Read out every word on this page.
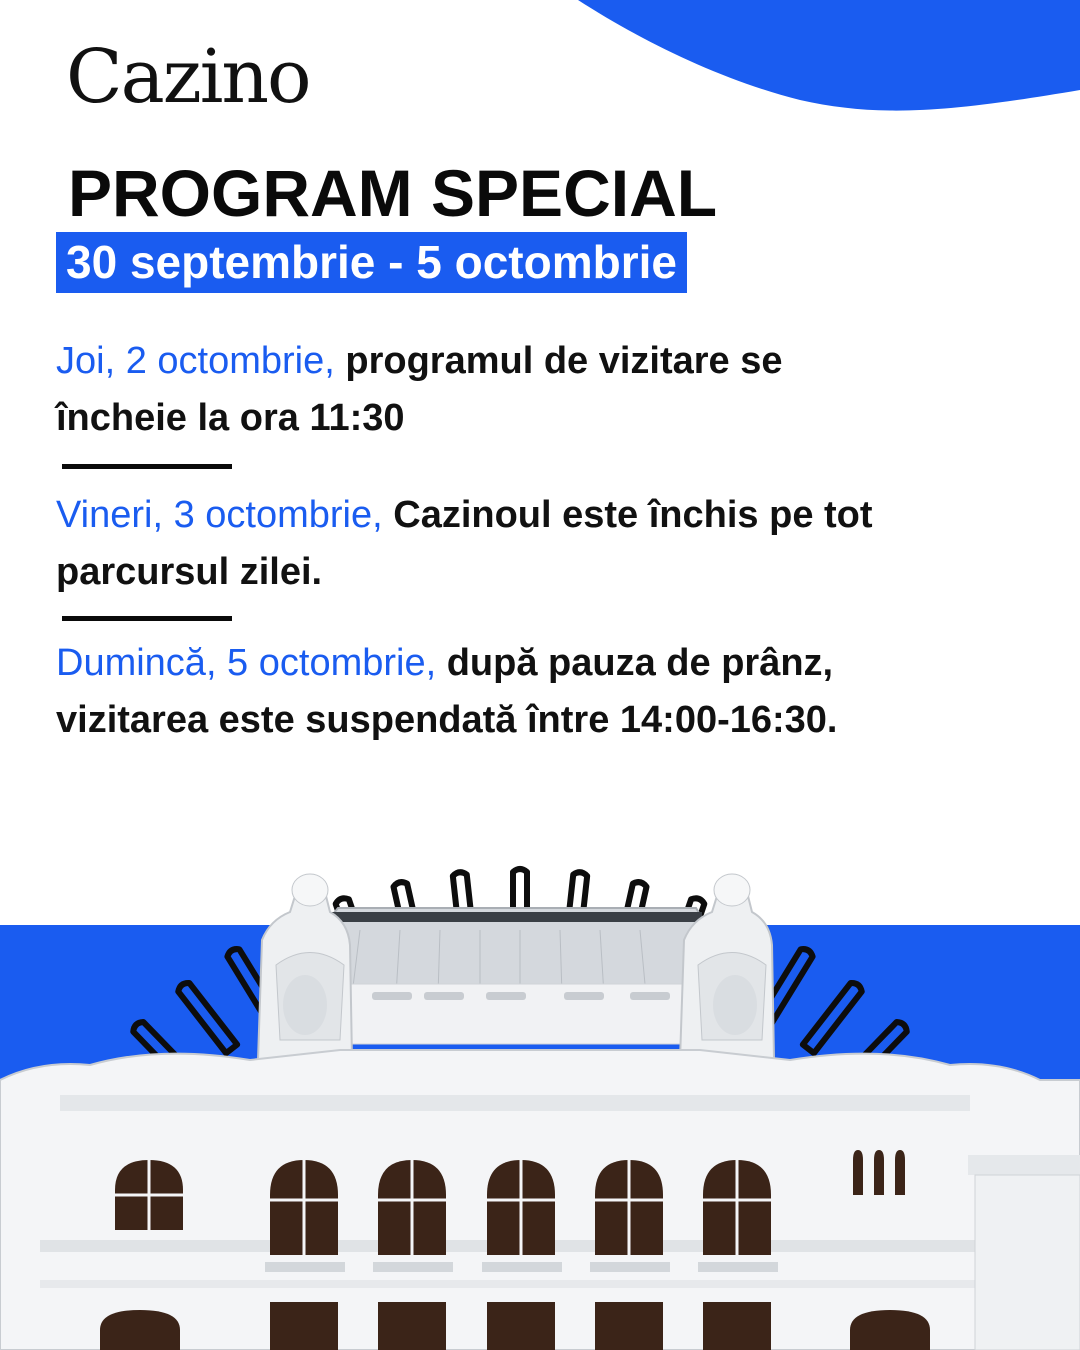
Cazino
PROGRAM SPECIAL
30 septembrie - 5 octombrie
Joi, 2 octombrie, programul de vizitare se încheie la ora 11:30
Vineri, 3 octombrie, Cazinoul este închis pe tot parcursul zilei.
Dumincă, 5 octombrie, după pauza de prânz, vizitarea este suspendată între 14:00-16:30.
